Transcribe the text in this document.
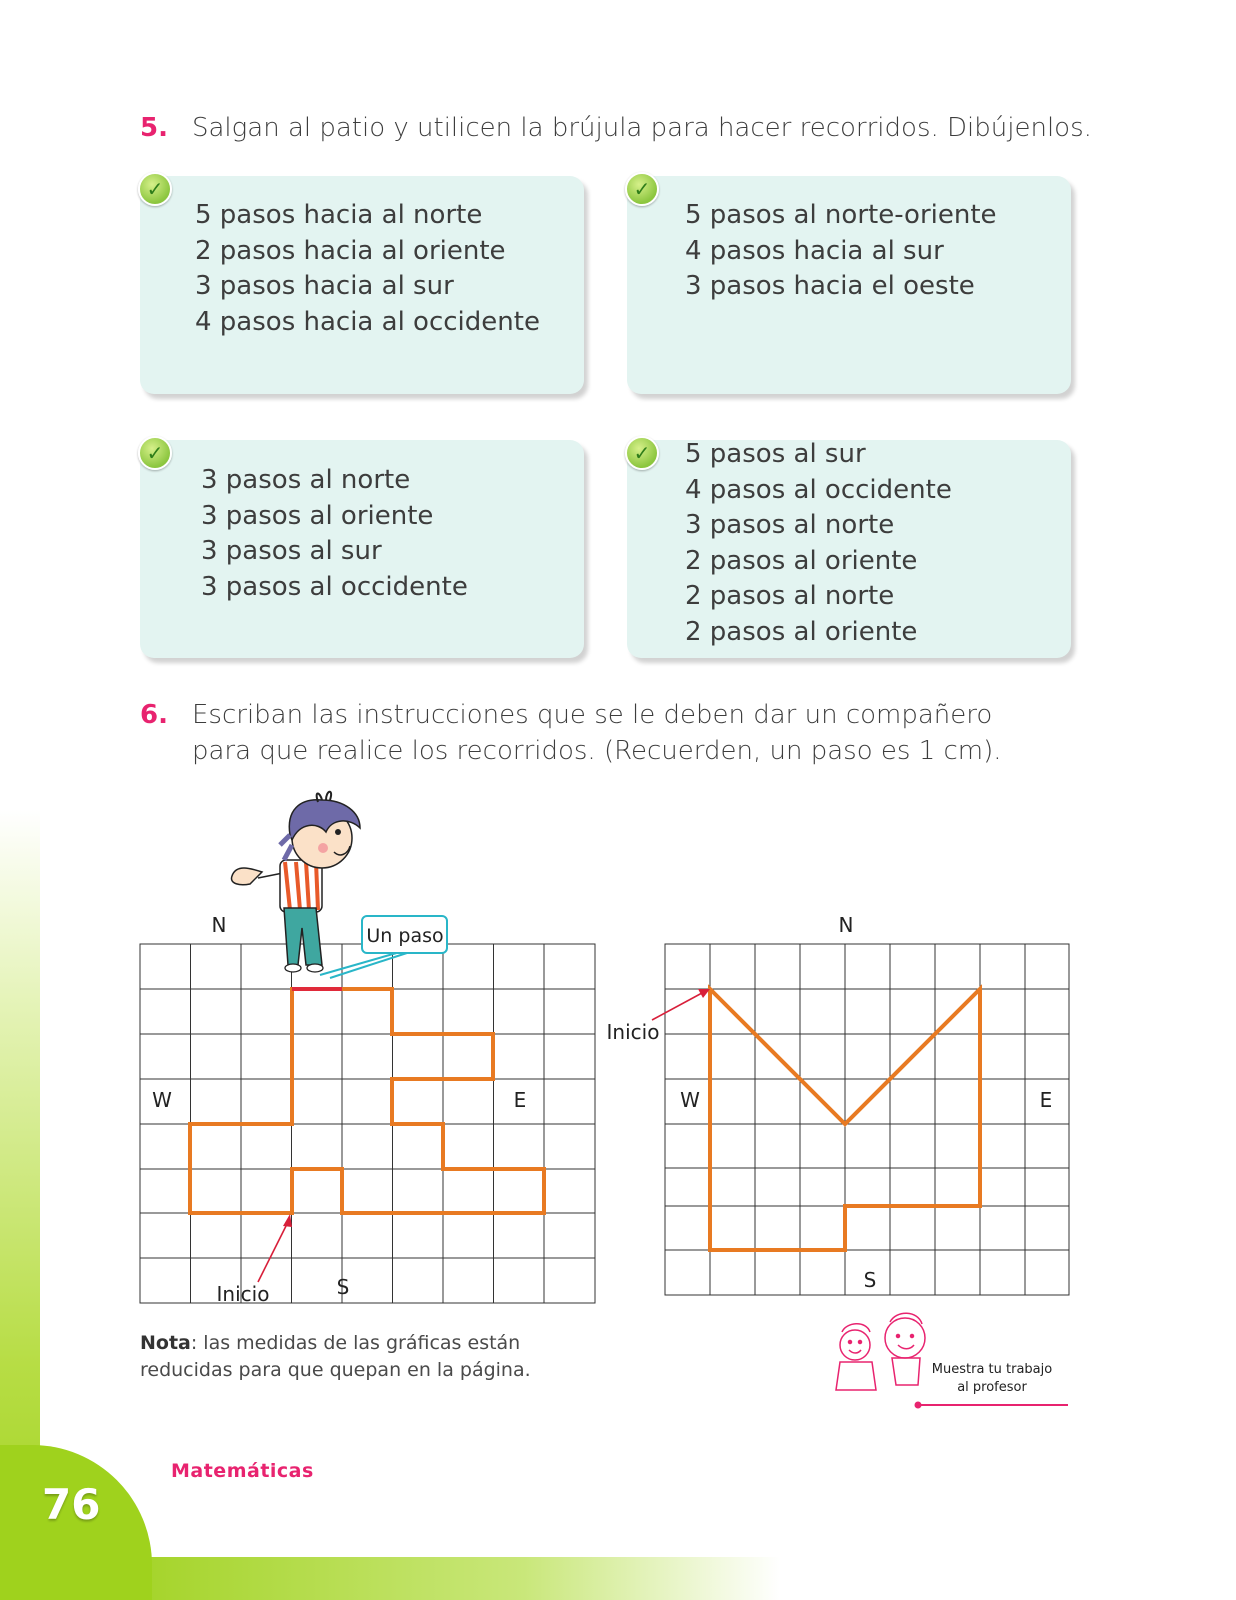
76
Matemáticas
5. Salgan al patio y utilicen la brújula para hacer recorridos. Dibújenlos.
✓
5 pasos hacia al norte
2 pasos hacia al oriente
3 pasos hacia al sur
4 pasos hacia al occidente
✓
5 pasos al norte-oriente
4 pasos hacia al sur
3 pasos hacia el oeste
✓
3 pasos al norte
3 pasos al oriente
3 pasos al sur
3 pasos al occidente
✓	5 pasos al sur
4 pasos al occidente
3 pasos al norte
2 pasos al oriente
2 pasos al norte
2 pasos al oriente
6. Escriban las instrucciones que se le deben dar un compañero para que realice los recorridos. (Recuerden, un paso es 1 cm).
Un paso
N
W	E
S
Inicio
N
W	E
S
Inicio
Muestra tu trabajo
al profesor
Nota: las medidas de las gráficas están reducidas para que quepan en la página.
